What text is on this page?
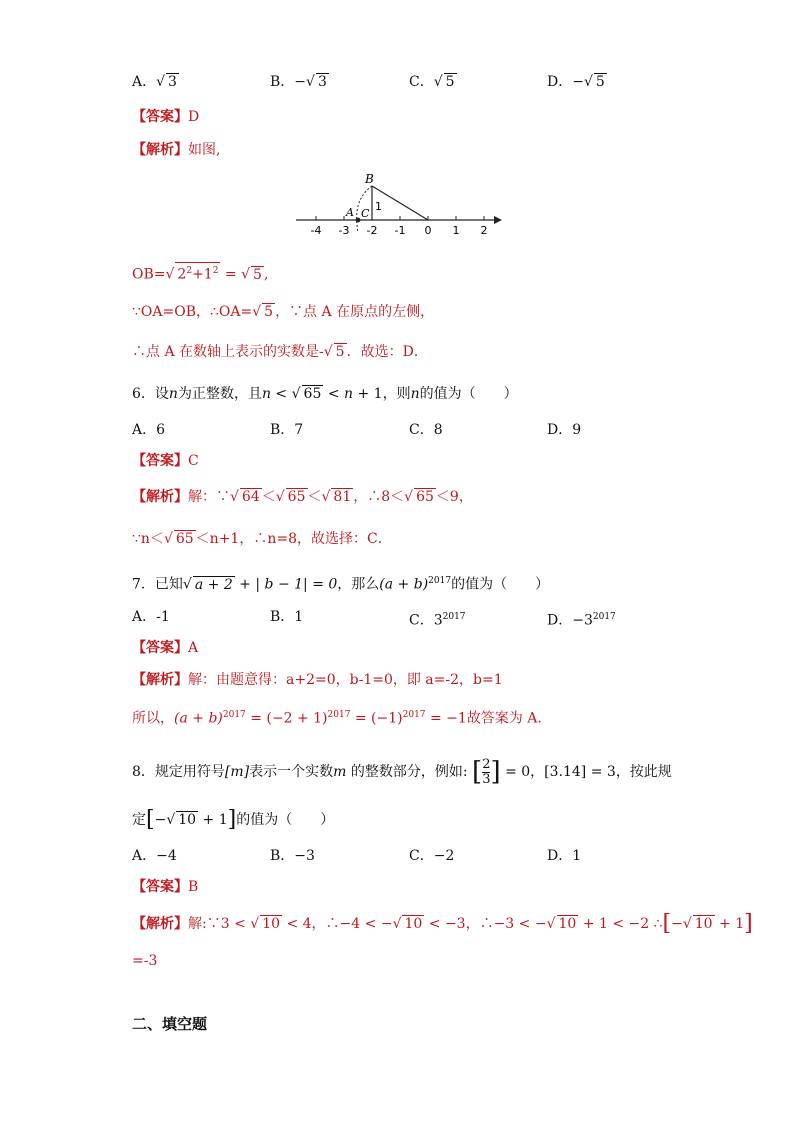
A．√ 3	B．−√ 3	C．√ 5	D．−√ 5
【答案】D
【解析】如图,
B
A C
1
-4 -3 -2 -1 0 1 2
OB=√ $2^2+1^2$ = √ 5 ,
∵OA=OB，∴OA=√ 5 ，∵点 A 在原点的左侧，
∴点 A 在数轴上表示的实数是-√ 5 ．故选：D．
6．设n为正整数，且n < √ 65 < n + 1，则n的值为（　　）
A．6	B．7	C．8	D．9
【答案】C
【解析】解：∵√ 64 ＜√ 65 ＜√ 81 ，∴8＜√ 65 ＜9，
∵n＜√ 65 ＜n+1，∴n=8，故选择：C．
7．已知√ a + 2 + | b − 1| = 0，那么$(a + b)^{2017}$的值为（　　）
A．-1	B．1	C．$3^{2017}$	D．$-3^{2017}$
【答案】A
【解析】解：由题意得：a+2=0，b-1=0，即 a=-2，b=1
所以，$(a + b)^{2017} = (-2 + 1)^{2017} = (-1)^{2017} = -1$故答案为 A.
8．规定用符号[m]表示一个实数m 的整数部分，例如: [ $\frac{2}{3}$ ] = 0，[3.14] = 3，按此规
定[−√ 10 + 1]的值为（　　）
A．−4	B．−3	C．−2	D．1
【答案】B
【解析】解:∵3 < √ 10 < 4，∴−4 < −√ 10 < −3，∴−3 < −√ 10 + 1 < −2 ∴[−√ 10 + 1]
=-3
二、填空题
